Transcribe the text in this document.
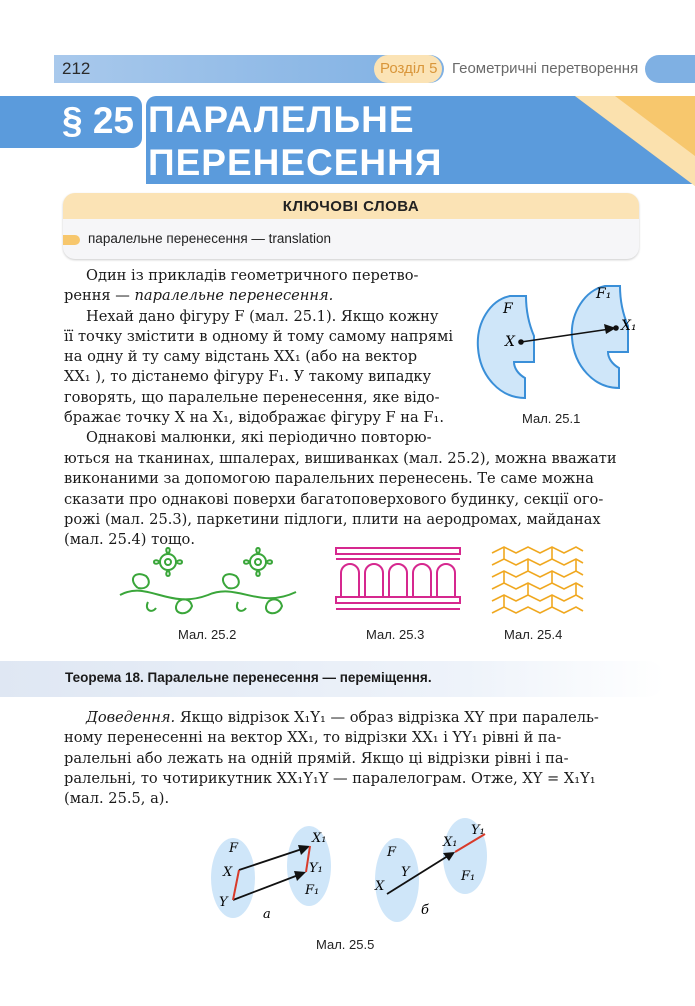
212	Розділ 5 Геометричні перетворення
§ 25 ПАРАЛЕЛЬНЕ
ПЕРЕНЕСЕННЯ
КЛЮЧОВІ СЛОВА
паралельне перенесення — translation
Один із прикладів геометричного перетво-
рення — паралельне перенесення.
Нехай дано фігуру F (мал. 25.1). Якщо кожну
її точку змістити в одному й тому самому напрямі
на одну й ту саму відстань XX₁ (або на вектор
XX₁ ), то дістанемо фігуру F₁. У такому випадку
говорять, що паралельне перенесення, яке відо-
бражає точку X на X₁, відображає фігуру F на F₁.
Однакові малюнки, які періодично повторю-
ються на тканинах, шпалерах, вишиванках (мал. 25.2), можна вважати
виконаними за допомогою паралельних перенесень. Те саме можна
сказати про однакові поверхи багатоповерхового будинку, секції ого-
рожі (мал. 25.3), паркетини підлоги, плити на аеродромах, майданах
(мал. 25.4) тощо.
F
F₁
X
X₁
Мал. 25.1
Мал. 25.2	Мал. 25.3	Мал. 25.4
Теорема 18. Паралельне перенесення — переміщення.
Доведення. Якщо відрізок X₁Y₁ — образ відрізка XY при паралель-
ному перенесенні на вектор XX₁, то відрізки XX₁ і YY₁ рівні й па-
ралельні або лежать на одній прямій. Якщо ці відрізки рівні і па-
ралельні, то чотирикутник XX₁Y₁Y — паралелограм. Отже, XY = X₁Y₁
(мал. 25.5, а).
F
X
Y
X₁
Y₁
F₁
а
F
X
Y
X₁
Y₁
F₁
б
Мал. 25.5
